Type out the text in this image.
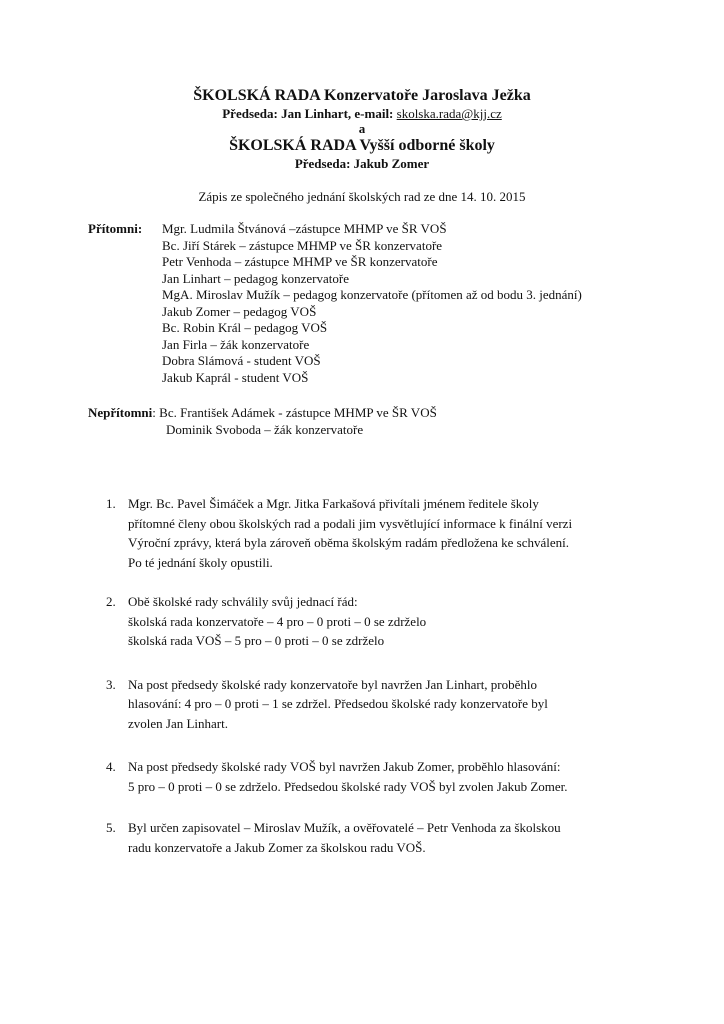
ŠKOLSKÁ RADA Konzervatoře Jaroslava Ježka

Předseda: Jan Linhart, e-mail: skolska.rada@kjj.cz

a

ŠKOLSKÁ RADA Vyšší odborné školy

Předseda: Jakub Zomer

Zápis ze společného jednání školských rad ze dne 14. 10. 2015
Přítomni: Mgr. Ludmila Štvánová –zástupce MHMP ve ŠR VOŠ
Bc. Jiří Stárek – zástupce MHMP ve ŠR konzervatoře
Petr Venhoda – zástupce MHMP ve ŠR konzervatoře
Jan Linhart – pedagog konzervatoře
MgA. Miroslav Mužík – pedagog konzervatoře (přítomen až od bodu 3. jednání)
Jakub Zomer – pedagog VOŠ
Bc. Robin Král – pedagog VOŠ
Jan Firla – žák konzervatoře
Dobra Slámová - student VOŠ
Jakub Kaprál - student VOŠ
Nepřítomni: Bc. František Adámek - zástupce MHMP ve ŠR VOŠ
Dominik Svoboda – žák konzervatoře
1. Mgr. Bc. Pavel Šimáček a Mgr. Jitka Farkašová přivítali jménem ředitele školy
přítomné členy obou školských rad a podali jim vysvětlující informace k finální verzi
Výroční zprávy, která byla zároveň oběma školským radám předložena ke schválení.
Po té jednání školy opustili.

2. Obě školské rady schválily svůj jednací řád:
školská rada konzervatoře – 4 pro – 0 proti – 0 se zdrželo
školská rada VOŠ – 5 pro – 0 proti – 0 se zdrželo

3. Na post předsedy školské rady konzervatoře byl navržen Jan Linhart, proběhlo
hlasování: 4 pro – 0 proti – 1 se zdržel. Předsedou školské rady konzervatoře byl
zvolen Jan Linhart.

4. Na post předsedy školské rady VOŠ byl navržen Jakub Zomer, proběhlo hlasování:
5 pro – 0 proti – 0 se zdrželo. Předsedou školské rady VOŠ byl zvolen Jakub Zomer.

5. Byl určen zapisovatel – Miroslav Mužík, a ověřovatelé – Petr Venhoda za školskou
radu konzervatoře a Jakub Zomer za školskou radu VOŠ.
